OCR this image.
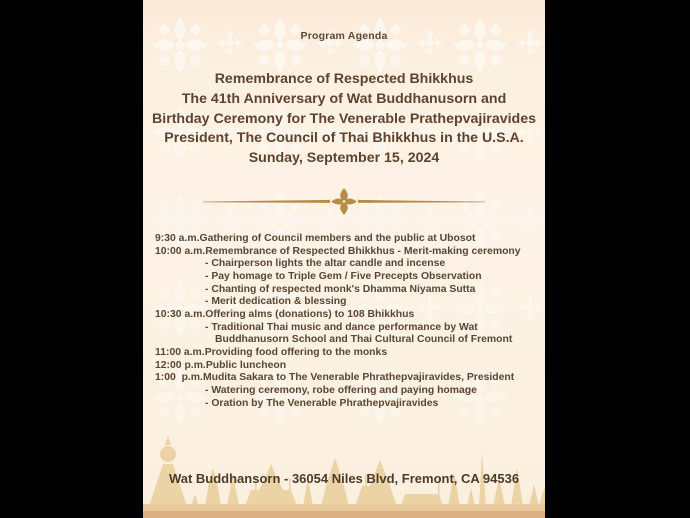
Program Agenda
Remembrance of Respected Bhikkhus
The 41th Anniversary of Wat Buddhanusorn and
Birthday Ceremony for The Venerable Prathepvajiravides
President, The Council of Thai Bhikkhus in the U.S.A.
Sunday, September 15, 2024
9:30 a.m. Gathering of Council members and the public at Ubosot
10:00 a.m. Remembrance of Respected Bhikkhus - Merit-making ceremony
- Chairperson lights the altar candle and incense
- Pay homage to Triple Gem / Five Precepts Observation
- Chanting of respected monk's Dhamma Niyama Sutta
- Merit dedication & blessing
10:30 a.m. Offering alms (donations) to 108 Bhikkhus
- Traditional Thai music and dance performance by Wat
Buddhanusorn School and Thai Cultural Council of Fremont
11:00 a.m. Providing food offering to the monks
12:00 p.m. Public luncheon
1:00  p.m. Mudita Sakara to The Venerable Phrathepvajiravides, President
- Watering ceremony, robe offering and paying homage
- Oration by The Venerable Phrathepvajiravides
Wat Buddhansorn - 36054 Niles Blvd, Fremont, CA 94536
